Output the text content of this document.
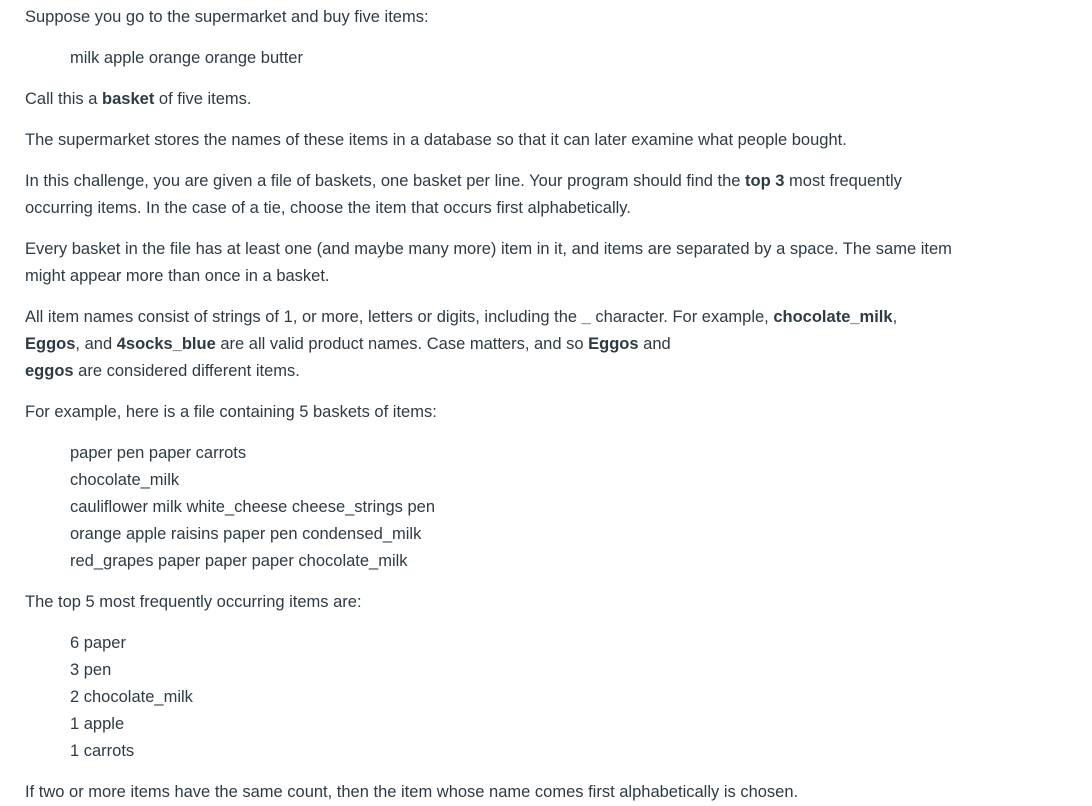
Suppose you go to the supermarket and buy five items:

milk apple orange orange butter

Call this a basket of five items.

The supermarket stores the names of these items in a database so that it can later examine what people bought.

In this challenge, you are given a file of baskets, one basket per line. Your program should find the top 3 most frequently occurring items. In the case of a tie, choose the item that occurs first alphabetically.

Every basket in the file has at least one (and maybe many more) item in it, and items are separated by a space. The same item might appear more than once in a basket.

All item names consist of strings of 1, or more, letters or digits, including the _ character. For example, chocolate_milk,
Eggos, and 4socks_blue are all valid product names. Case matters, and so Eggos and
eggos are considered different items.

For example, here is a file containing 5 baskets of items:

paper pen paper carrots
chocolate_milk
cauliflower milk white_cheese cheese_strings pen
orange apple raisins paper pen condensed_milk
red_grapes paper paper paper chocolate_milk

The top 5 most frequently occurring items are:

6 paper
3 pen
2 chocolate_milk
1 apple
1 carrots

If two or more items have the same count, then the item whose name comes first alphabetically is chosen.
